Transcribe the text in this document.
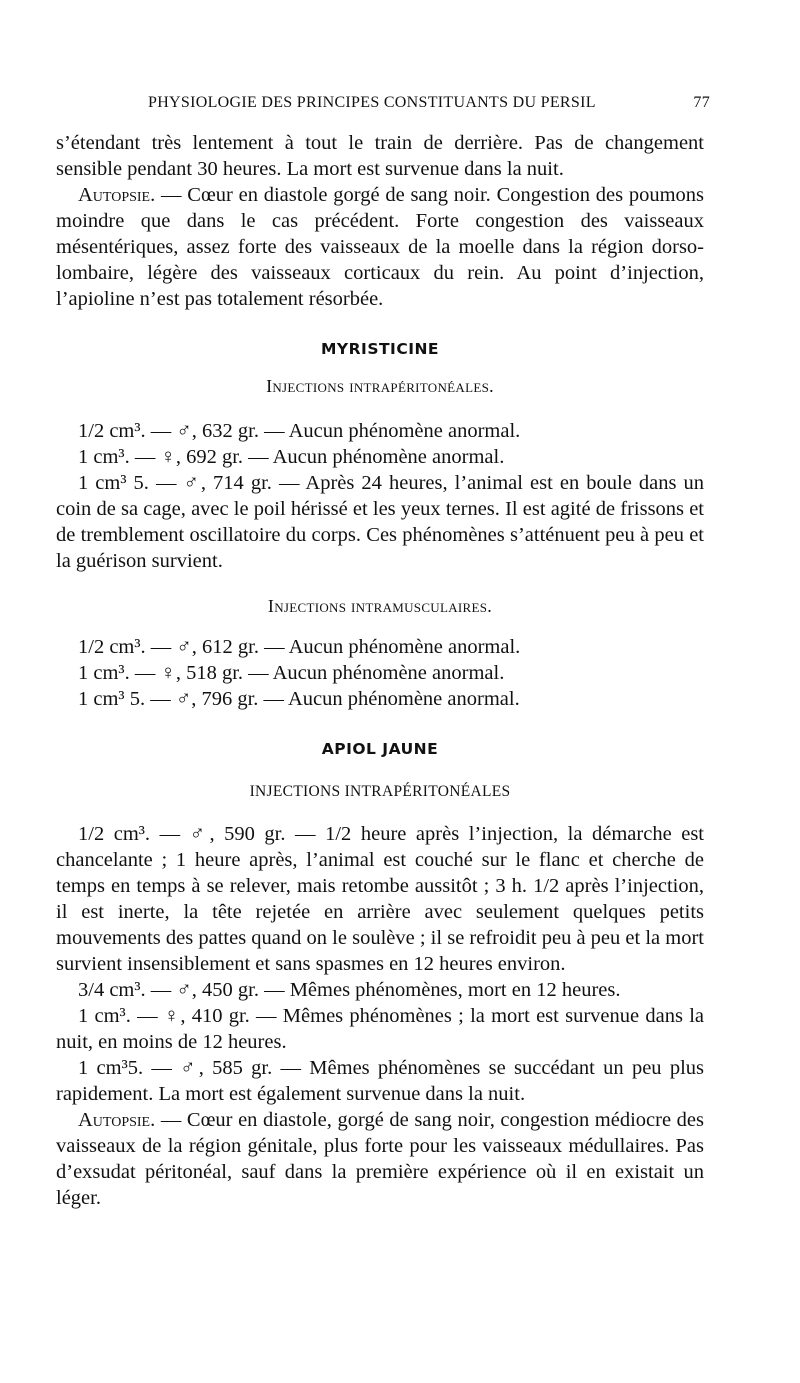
PHYSIOLOGIE DES PRINCIPES CONSTITUANTS DU PERSIL	77

s’étendant très lentement à tout le train de derrière. Pas de changement sensible pendant 30 heures. La mort est survenue dans la nuit.

Autopsie. — Cœur en diastole gorgé de sang noir. Congestion des poumons moindre que dans le cas précédent. Forte congestion des vaisseaux mésentériques, assez forte des vaisseaux de la moelle dans la région dorso-lombaire, légère des vaisseaux corticaux du rein. Au point d’injection, l’apioline n’est pas totalement résorbée.

MYRISTICINE
Injections intrapéritonéales.

1/2 cm³. — ♂, 632 gr. — Aucun phénomène anormal.

1 cm³. — ♀, 692 gr. — Aucun phénomène anormal.

1 cm³ 5. — ♂, 714 gr. — Après 24 heures, l’animal est en boule dans un coin de sa cage, avec le poil hérissé et les yeux ternes. Il est agité de frissons et de tremblement oscillatoire du corps. Ces phénomènes s’atténuent peu à peu et la guérison survient.

Injections intramusculaires.

1/2 cm³. — ♂, 612 gr. — Aucun phénomène anormal.

1 cm³. — ♀, 518 gr. — Aucun phénomène anormal.

1 cm³ 5. — ♂, 796 gr. — Aucun phénomène anormal.

APIOL JAUNE
INJECTIONS INTRAPÉRITONÉALES

1/2 cm³. — ♂, 590 gr. — 1/2 heure après l’injection, la démarche est chancelante ; 1 heure après, l’animal est couché sur le flanc et cherche de temps en temps à se relever, mais retombe aussitôt ; 3 h. 1/2 après l’injection, il est inerte, la tête rejetée en arrière avec seulement quelques petits mouvements des pattes quand on le soulève ; il se refroidit peu à peu et la mort survient insensiblement et sans spasmes en 12 heures environ.

3/4 cm³. — ♂, 450 gr. — Mêmes phénomènes, mort en 12 heures.

1 cm³. — ♀, 410 gr. — Mêmes phénomènes ; la mort est survenue dans la nuit, en moins de 12 heures.

1 cm³5. — ♂, 585 gr. — Mêmes phénomènes se succédant un peu plus rapidement. La mort est également survenue dans la nuit.

Autopsie. — Cœur en diastole, gorgé de sang noir, congestion médiocre des vaisseaux de la région génitale, plus forte pour les vaisseaux médullaires. Pas d’exsudat péritonéal, sauf dans la première expérience où il en existait un léger.
